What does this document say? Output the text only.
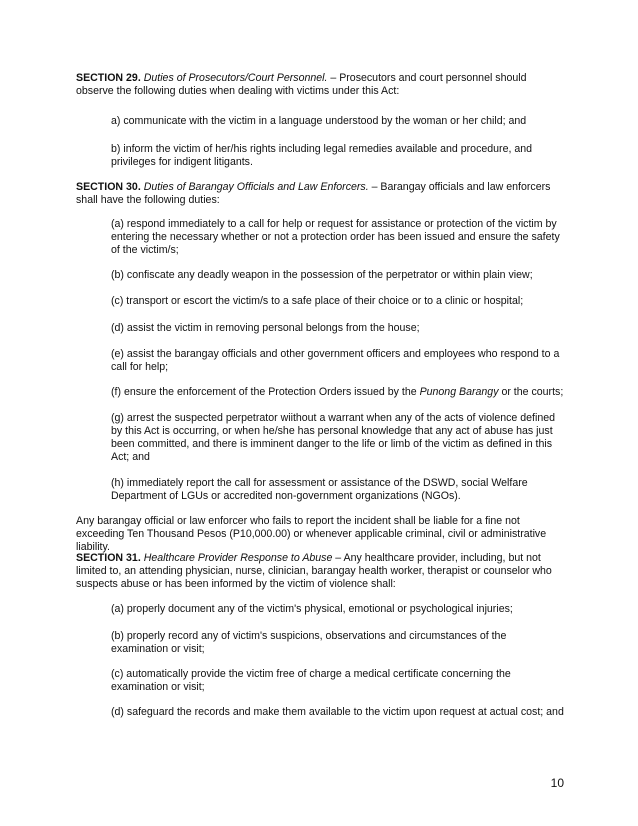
SECTION 29. Duties of Prosecutors/Court Personnel. – Prosecutors and court personnel should observe the following duties when dealing with victims under this Act:

a) communicate with the victim in a language understood by the woman or her child; and

b) inform the victim of her/his rights including legal remedies available and procedure, and privileges for indigent litigants.

SECTION 30. Duties of Barangay Officials and Law Enforcers. – Barangay officials and law enforcers shall have the following duties:

(a) respond immediately to a call for help or request for assistance or protection of the victim by entering the necessary whether or not a protection order has been issued and ensure the safety of the victim/s;

(b) confiscate any deadly weapon in the possession of the perpetrator or within plain view;

(c) transport or escort the victim/s to a safe place of their choice or to a clinic or hospital;

(d) assist the victim in removing personal belongs from the house;

(e) assist the barangay officials and other government officers and employees who respond to a call for help;

(f) ensure the enforcement of the Protection Orders issued by the Punong Barangy or the courts;

(g) arrest the suspected perpetrator wiithout a warrant when any of the acts of violence defined by this Act is occurring, or when he/she has personal knowledge that any act of abuse has just been committed, and there is imminent danger to the life or limb of the victim as defined in this Act; and

(h) immediately report the call for assessment or assistance of the DSWD, social Welfare Department of LGUs or accredited non-government organizations (NGOs).

Any barangay official or law enforcer who fails to report the incident shall be liable for a fine not exceeding Ten Thousand Pesos (P10,000.00) or whenever applicable criminal, civil or administrative liability.

SECTION 31. Healthcare Provider Response to Abuse – Any healthcare provider, including, but not limited to, an attending physician, nurse, clinician, barangay health worker, therapist or counselor who suspects abuse or has been informed by the victim of violence shall:

(a) properly document any of the victim's physical, emotional or psychological injuries;

(b) properly record any of victim's suspicions, observations and circumstances of the examination or visit;

(c) automatically provide the victim free of charge a medical certificate concerning the examination or visit;

(d) safeguard the records and make them available to the victim upon request at actual cost; and

10
